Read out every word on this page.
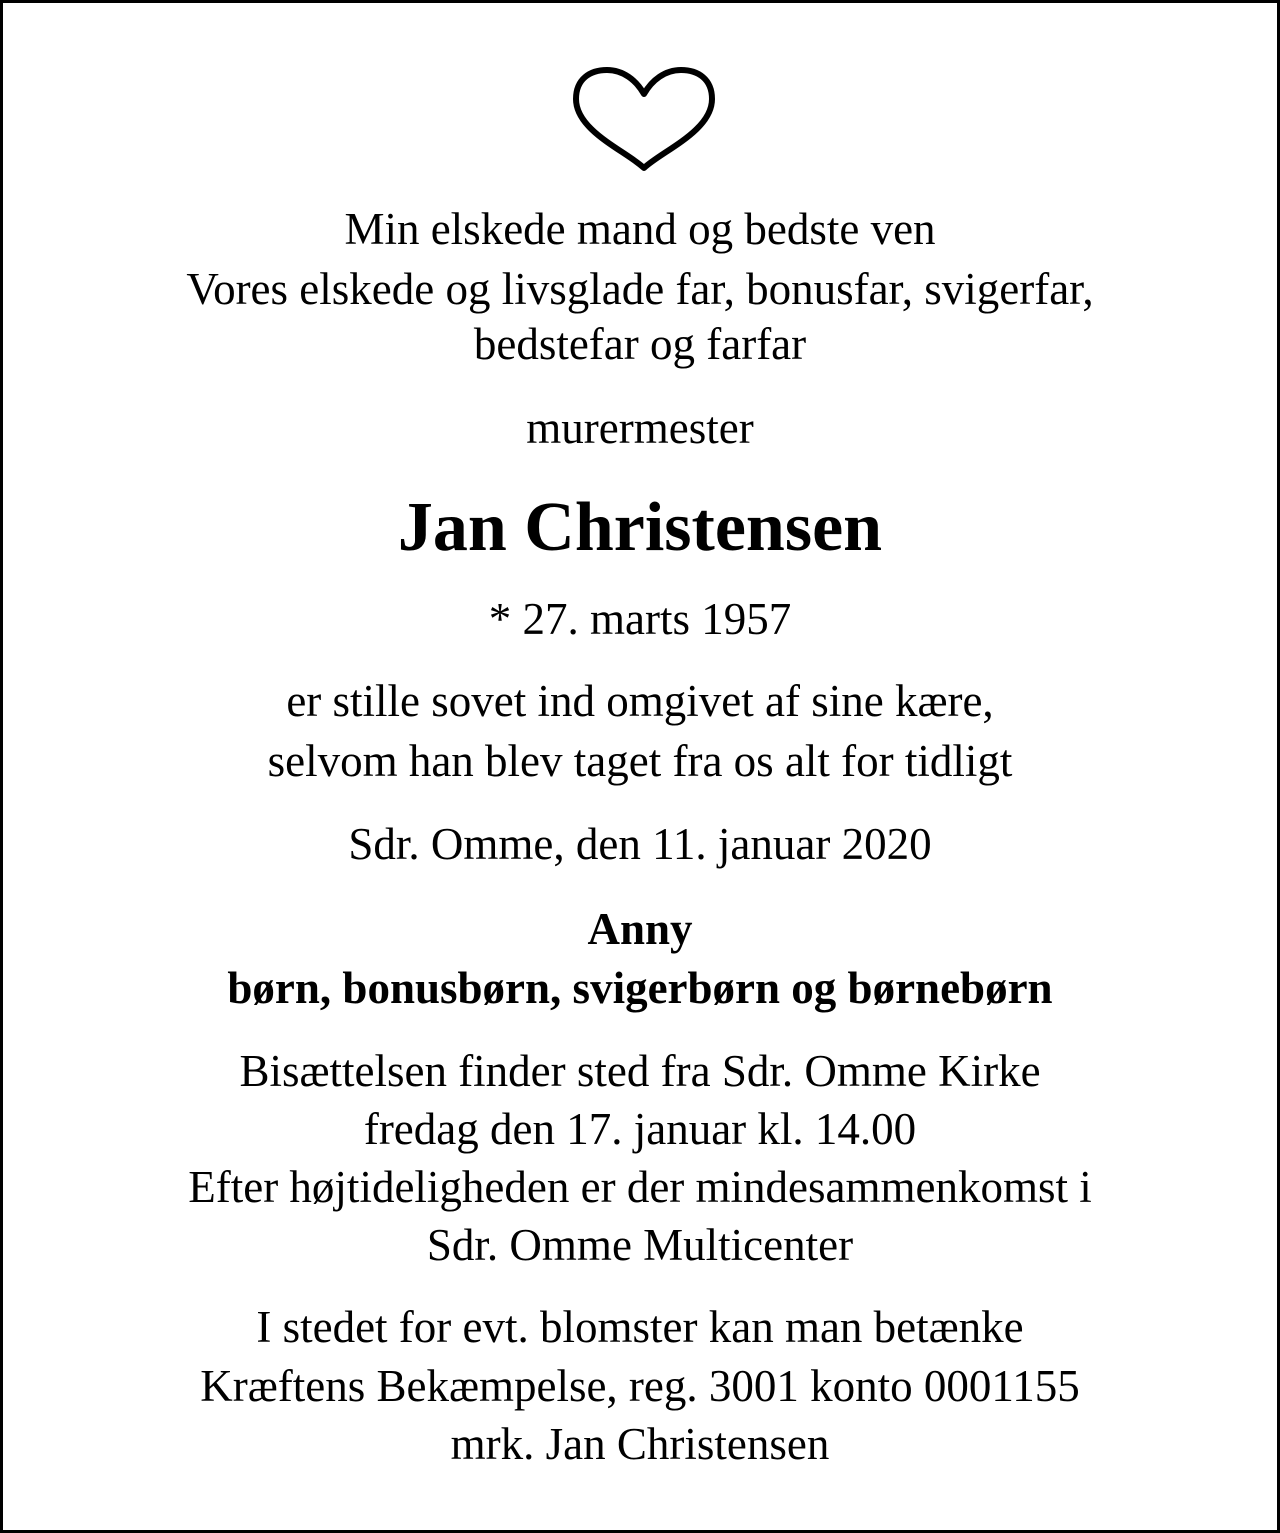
Min elskede mand og bedste ven

Vores elskede og livsglade far, bonusfar, svigerfar,

bedstefar og farfar

murermester

Jan Christensen

* 27. marts 1957

er stille sovet ind omgivet af sine kære,

selvom han blev taget fra os alt for tidligt

Sdr. Omme, den 11. januar 2020

Anny

børn, bonusbørn, svigerbørn og børnebørn

Bisættelsen finder sted fra Sdr. Omme Kirke

fredag den 17. januar kl. 14.00

Efter højtideligheden er der mindesammenkomst i

Sdr. Omme Multicenter

I stedet for evt. blomster kan man betænke

Kræftens Bekæmpelse, reg. 3001 konto 0001155

mrk. Jan Christensen
